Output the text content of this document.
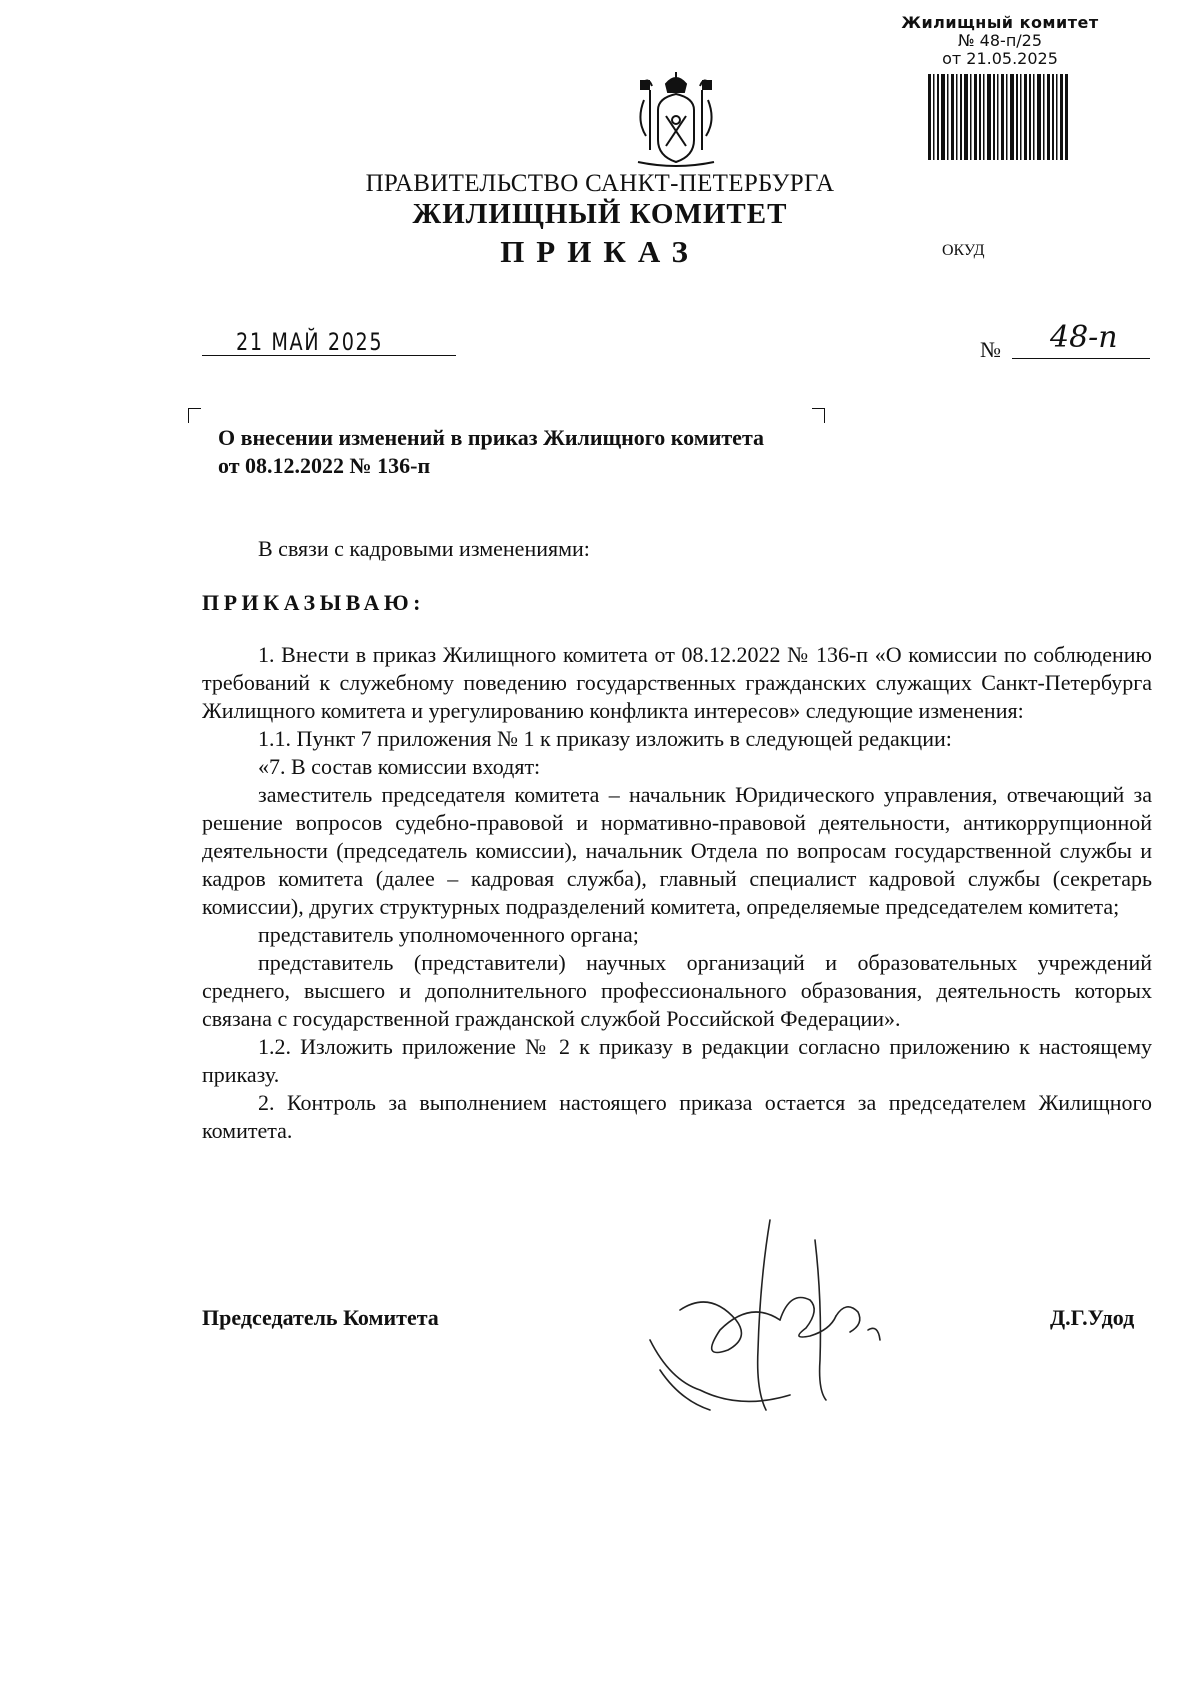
Жилищный комитет
№ 48-п/25
от 21.05.2025
ПРАВИТЕЛЬСТВО САНКТ-ПЕТЕРБУРГА
ЖИЛИЩНЫЙ КОМИТЕТ
ПРИКАЗ	ОКУД
21 МАЙ 2025	№ 48-п
О внесении изменений в приказ Жилищного комитета
от 08.12.2022 № 136-п

В связи с кадровыми изменениями:

ПРИКАЗЫВАЮ:

1. Внести в приказ Жилищного комитета от 08.12.2022 № 136-п «О комиссии по соблюдению требований к служебному поведению государственных гражданских служащих Санкт-Петербурга Жилищного комитета и урегулированию конфликта интересов» следующие изменения:

1.1. Пункт 7 приложения № 1 к приказу изложить в следующей редакции:

«7. В состав комиссии входят:

заместитель председателя комитета – начальник Юридического управления, отвечающий за решение вопросов судебно-правовой и нормативно-правовой деятельности, антикоррупционной деятельности (председатель комиссии), начальник Отдела по вопросам государственной службы и кадров комитета (далее – кадровая служба), главный специалист кадровой службы (секретарь комиссии), других структурных подразделений комитета, определяемые председателем комитета;

представитель уполномоченного органа;

представитель (представители) научных организаций и образовательных учреждений среднего, высшего и дополнительного профессионального образования, деятельность которых связана с государственной гражданской службой Российской Федерации».

1.2. Изложить приложение № 2 к приказу в редакции согласно приложению к настоящему приказу.

2. Контроль за выполнением настоящего приказа остается за председателем Жилищного комитета.

Председатель Комитета	Д.Г.Удод
